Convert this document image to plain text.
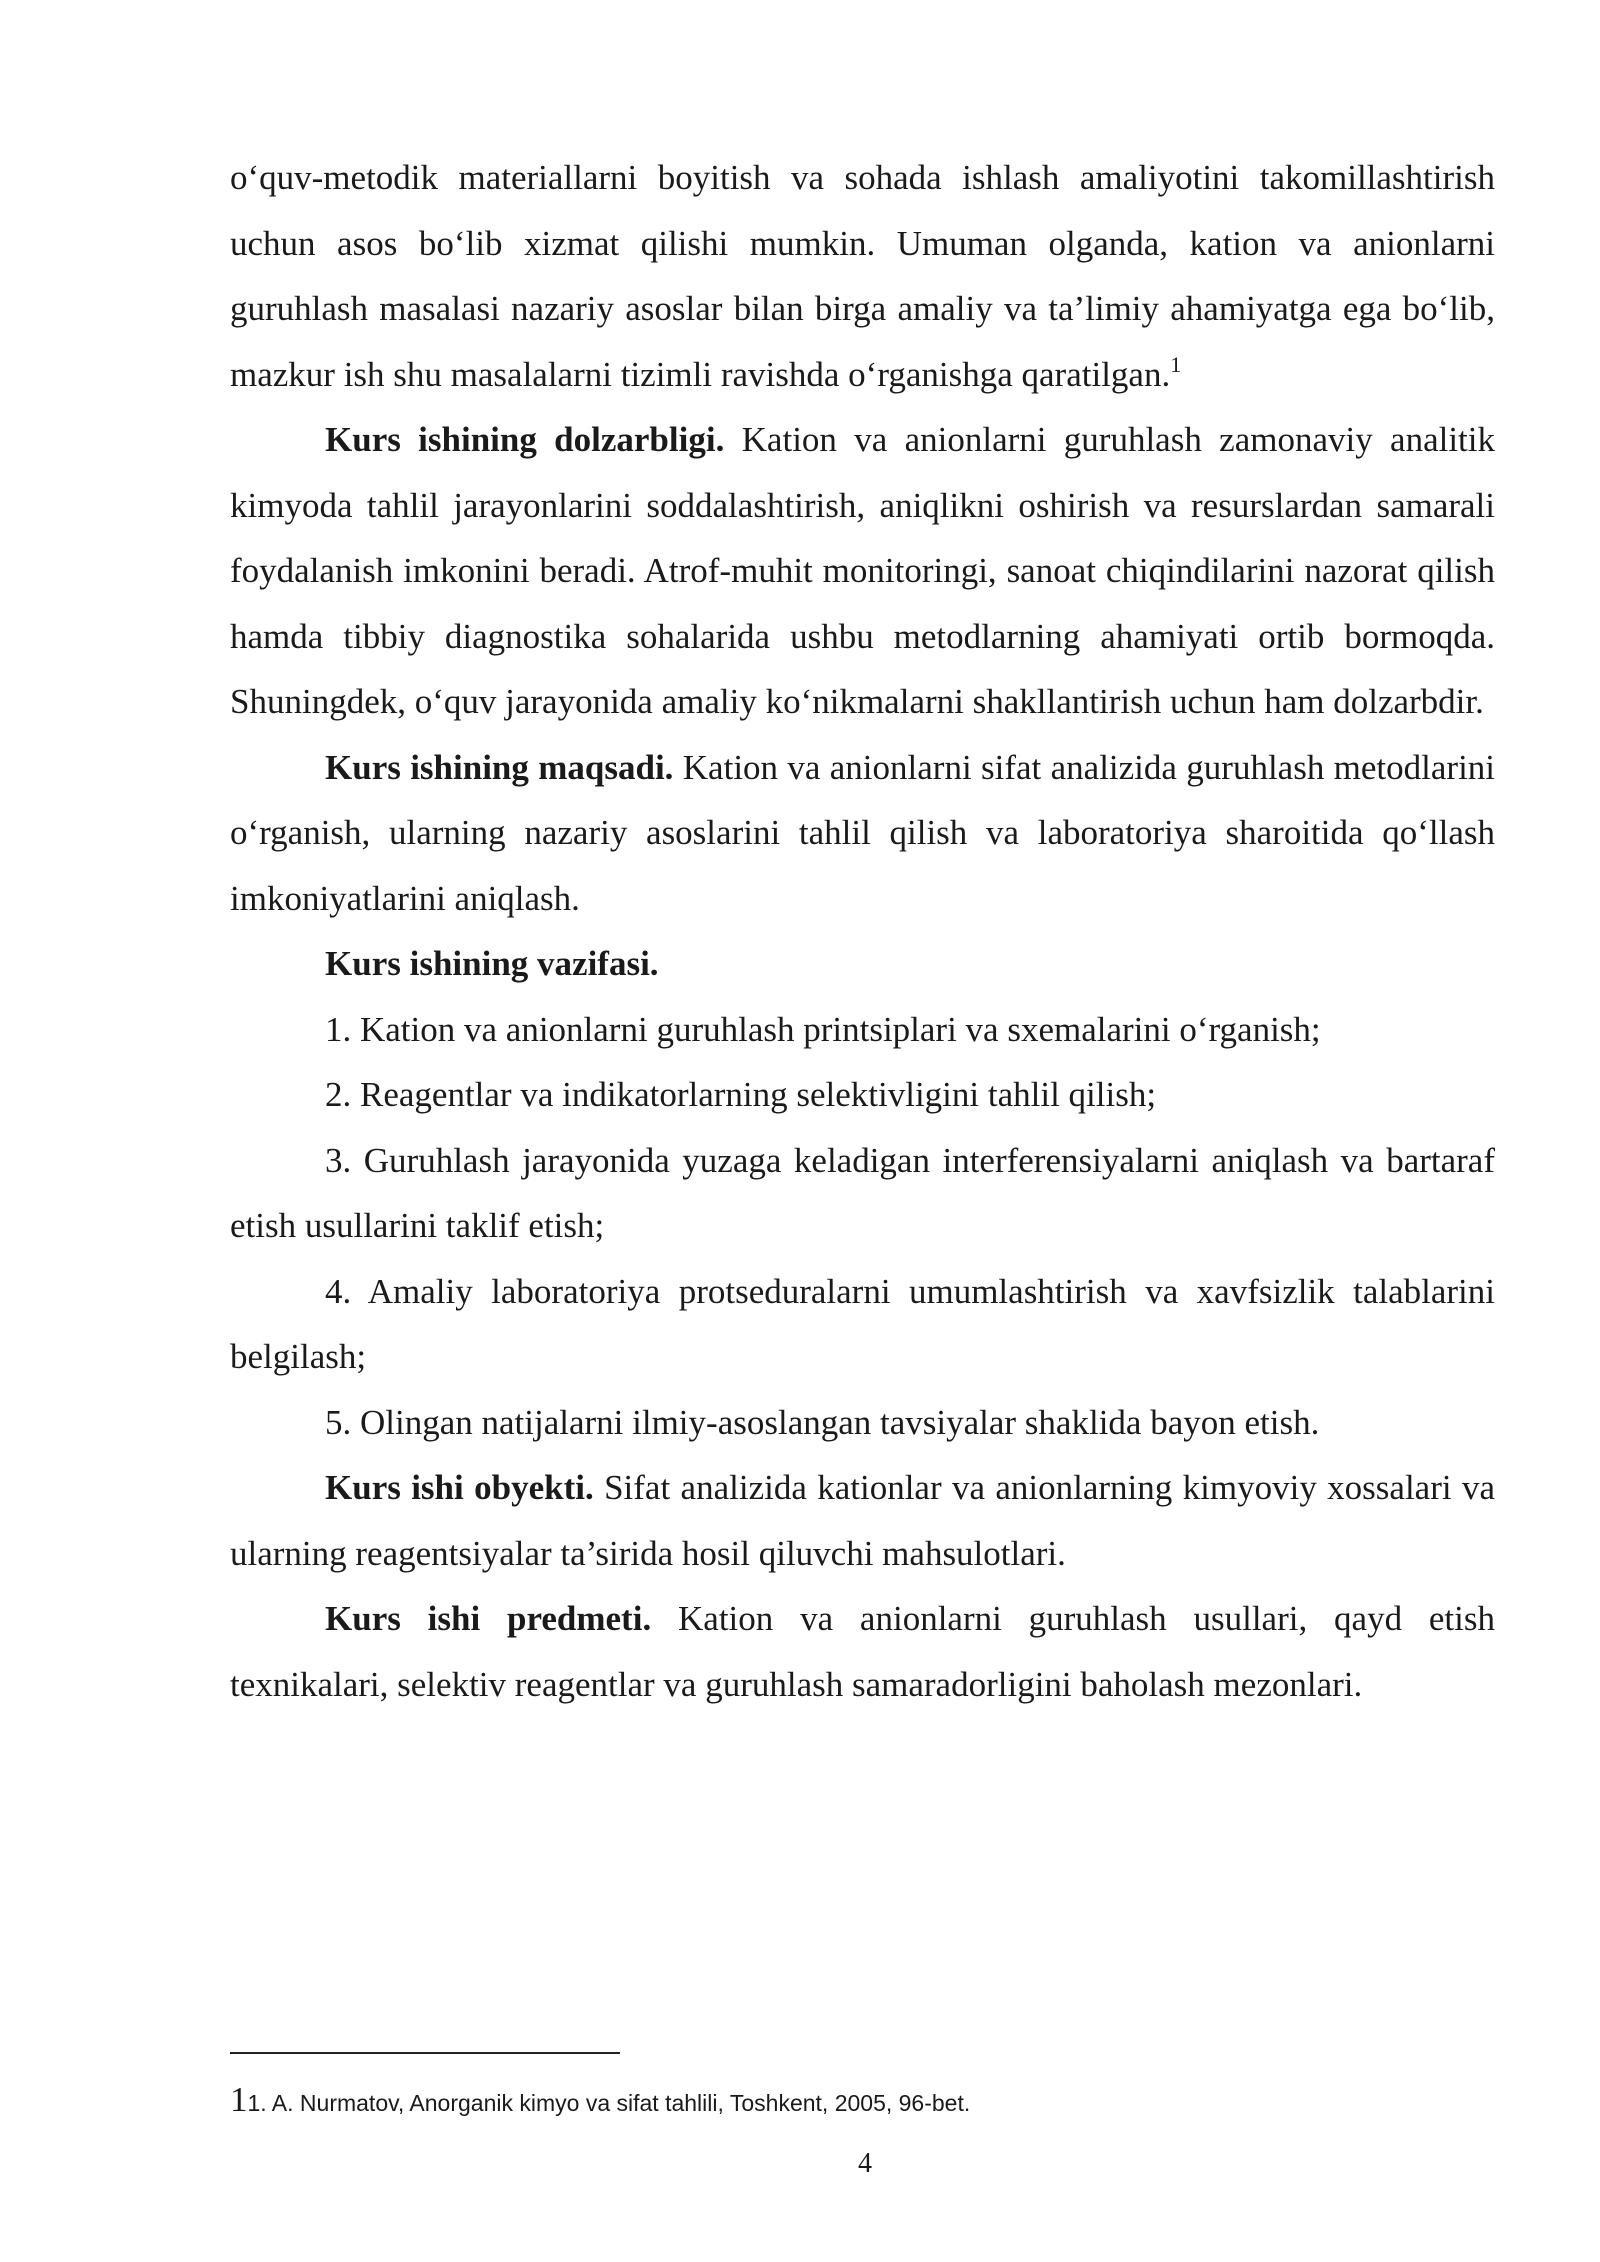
o‘quv-metodik materiallarni boyitish va sohada ishlash amaliyotini takomillashtirish uchun asos bo‘lib xizmat qilishi mumkin. Umuman olganda, kation va anionlarni guruhlash masalasi nazariy asoslar bilan birga amaliy va ta’limiy ahamiyatga ega bo‘lib, mazkur ish shu masalalarni tizimli ravishda o‘rganishga qaratilgan.$^1$

Kurs ishining dolzarbligi. Kation va anionlarni guruhlash zamonaviy analitik kimyoda tahlil jarayonlarini soddalashtirish, aniqlikni oshirish va resurslardan samarali foydalanish imkonini beradi. Atrof-muhit monitoringi, sanoat chiqindilarini nazorat qilish hamda tibbiy diagnostika sohalarida ushbu metodlarning ahamiyati ortib bormoqda. Shuningdek, o‘quv jarayonida amaliy ko‘nikmalarni shakllantirish uchun ham dolzarbdir.

Kurs ishining maqsadi. Kation va anionlarni sifat analizida guruhlash metodlarini o‘rganish, ularning nazariy asoslarini tahlil qilish va laboratoriya sharoitida qo‘llash imkoniyatlarini aniqlash.

Kurs ishining vazifasi.

1. Kation va anionlarni guruhlash printsiplari va sxemalarini o‘rganish;

2. Reagentlar va indikatorlarning selektivligini tahlil qilish;

3. Guruhlash jarayonida yuzaga keladigan interferensiyalarni aniqlash va bartaraf etish usullarini taklif etish;

4. Amaliy laboratoriya protseduralarni umumlashtirish va xavfsizlik talablarini belgilash;

5. Olingan natijalarni ilmiy-asoslangan tavsiyalar shaklida bayon etish.

Kurs ishi obyekti. Sifat analizida kationlar va anionlarning kimyoviy xossalari va ularning reagentsiyalar ta’sirida hosil qiluvchi mahsulotlari.

Kurs ishi predmeti. Kation va anionlarni guruhlash usullari, qayd etish texnikalari, selektiv reagentlar va guruhlash samaradorligini baholash mezonlari.

11. A. Nurmatov, Anorganik kimyo va sifat tahlili, Toshkent, 2005, 96-bet.
4
